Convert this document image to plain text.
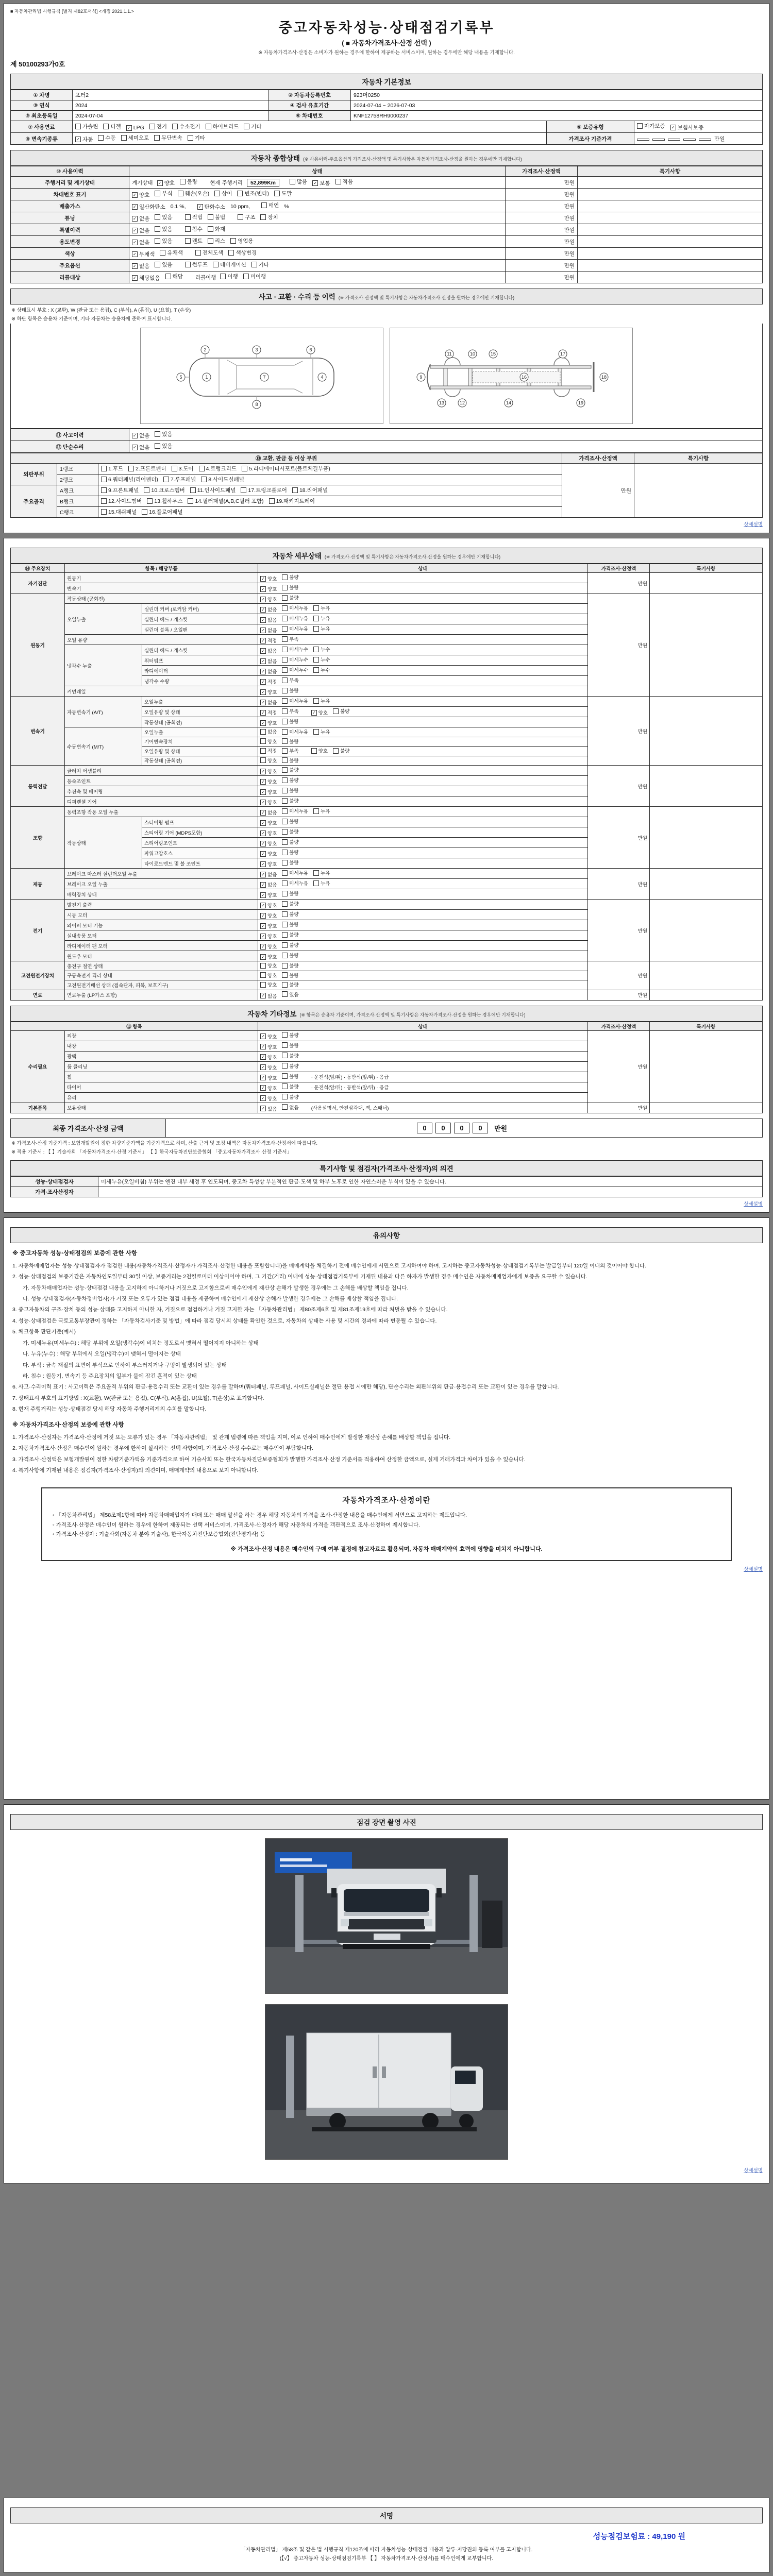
■ 자동차관리법 시행규칙 [별지 제82호서식] <개정 2021.1.1.>
중고자동차성능·상태점검기록부
( ■ 자동차가격조사·산정 선택 )
※ 자동차가격조사·산정은 소비자가 원하는 경우에 한하여 제공하는 서비스이며, 원하는 경우에만 해당 내용을 기재합니다.
제 50100293가0호
자동차 기본정보
① 차명	포터2	② 자동차등록번호	923머0250		
③ 연식	2024	④ 검사 유효기간	2024-07-04 ~ 2026-07-03		
⑤ 최초등록일	2024-07-04	⑥ 차대번호	KNF12758RH9000237		
⑦ 사용연료	가솔린 디젤 ✓ LPG 전기 수소전기 하이브리드 기타	⑨ 보증유형	자가보증 ✓ 보험사보증

⑧ 변속기종류	✓ 자동 수동 세미오토 무단변속 기타	가격조사 기준가격	만원
자동차 종합상태 (※ 사용이력·주요옵션의 가격조사·산정액 및 특기사항은 자동차가격조사·산정을 원하는 경우에만 기재합니다)
⑩ 사용이력	상태	가격조사·산정액	특기사항
주행거리 및 계기상태	계기상태 ✓ 양호 불량 현재 주행거리 52,899Km	많음 ✓ 보통 적음	만원	
차대번호 표기	✓ 양호 부식 훼손(오손) 상이 변조(변타) 도말	만원	
배출가스	✓ 일산화탄소 0.1 %,	✓ 탄화수소 10 ppm,	매연 %	만원	
튜닝	✓ 없음 있음	적법 불법	구조 장치	만원	
특별이력	✓ 없음 있음 침수 화재	만원	
용도변경	✓ 없음 있음	렌트 리스 영업용	만원	
색상	✓ 무채색 유채색 전체도색 색상변경	만원	
주요옵션	✓ 없음 있음	썬루프 네비게이션 기타	만원	
리콜대상	✓ 해당없음 해당 리콜이행 이행 미이행	만원	
사고 · 교환 · 수리 등 이력 (※ 가격조사·산정액 및 특기사항은 자동차가격조사·산정을 원하는 경우에만 기재합니다)
※ 상태표시 부호 : X (교환), W (판금 또는 용접), C (부식), A (흠집), U (요철), T (손상)
※ 하단 항목은 승용차 기준이며, 기타 자동차는 승용차에 준하여 표시합니다.
1
2	3
4
5
6
7
8
9
10
11
12
13	14
15
16
17
18
19
⑪ 사고이력	✓ 없음 있음

⑫ 단순수리	✓ 없음 있음
⑬ 교환, 판금 등 이상 부위			가격조사·산정액	특기사항
외판부위	1랭크	1.후드 2.프론트펜더 3.도어 4.트렁크리드 5.라디에이터서포트(볼트체결부품)	만원	
	2랭크	6.쿼터패널(리어펜더) 7.루프패널 8.사이드실패널		

주요골격	A랭크	9.프론트패널 10.크로스멤버 11.인사이드패널 17.트렁크플로어 18.리어패널		

	B랭크	12.사이드멤버 13.휠하우스 14.필러패널(A,B,C필러 포함) 19.패키지트레이		

	C랭크	15.대쉬패널 16.플로어패널		
상세설명
자동차 세부상태 (※ 가격조사·산정액 및 특기사항은 자동차가격조사·산정을 원하는 경우에만 기재합니다)
⑭ 주요장치	항목 / 해당부품		상태	가격조사·산정액	특기사항
자기진단	원동기		✓ 양호 불량	만원	
	변속기		✓ 양호 불량		

원동기	작동상태 (공회전)		✓ 양호 불량	만원	
	오일누출	실린더 커버 (로커암 커버)	✓ 없음 미세누유 누유		

		실린더 헤드 / 개스킷	✓ 없음 미세누유 누유		

		실린더 블록 / 오일팬	✓ 없음 미세누유 누유		

	오일 유량		✓ 적정 부족		

	냉각수 누출	실린더 헤드 / 개스킷	✓ 없음 미세누수 누수		

		워터펌프	✓ 없음 미세누수 누수		

		라디에이터	✓ 없음 미세누수 누수		

		냉각수 수량	✓ 적정 부족		

	커먼레일		✓ 양호 불량		

변속기	자동변속기 (A/T)	오일누출	✓ 없음 미세누유 누유	만원	
오일유량 및 상태	✓ 적정	부족	✓ 양호	불량

		작동상태 (공회전)	✓ 양호 불량		

	수동변속기 (M/T)	오일누출	없음 미세누유 누유		

		기어변속장치	양호 불량		

		오일유량 및 상태	적정 부족 양호 불량		

		작동상태 (공회전)	양호 불량		

동력전달	클러치 어셈블리		✓ 양호 불량	만원	
	등속조인트		✓ 양호 불량		

	추진축 및 베어링		✓ 양호 불량		

	디퍼렌셜 기어		✓ 양호 불량		

조향	동력조향 작동 오일 누출		✓ 없음 미세누유 누유	만원	
	작동상태	스티어링 펌프	✓ 양호 불량		

		스티어링 기어 (MDPS포함)	✓ 양호 불량		

		스티어링조인트	✓ 양호 불량		

		파워고압호스	✓ 양호 불량		

		타이로드엔드 및 볼 조인트	✓ 양호 불량		

제동	브레이크 마스터 실린더오일 누출		✓ 없음 미세누유 누유	만원	
	브레이크 오일 누출		✓ 없음 미세누유 누유		

	배력장치 상태		✓ 양호 불량		

전기	발전기 출력		✓ 양호 불량	만원	
	시동 모터		✓ 양호 불량		

	와이퍼 모터 기능		✓ 양호 불량		

	실내송풍 모터		✓ 양호 불량		

	라디에이터 팬 모터		✓ 양호 불량		

	윈도우 모터		✓ 양호 불량		

고전원전기장치	충전구 절연 상태		양호 불량	만원	
	구동축전지 격리 상태		양호 불량		

	고전원전기배선 상태 (접속단자, 피복, 보호기구)		양호 불량		

연료	연료누출 (LP가스 포함)		✓ 없음 있음	만원	
자동차 기타정보 (※ 항목은 승용차 기준이며, 가격조사·산정액 및 특기사항은 자동차가격조사·산정을 원하는 경우에만 기재합니다)
⑮ 항목		상태	가격조사·산정액	특기사항
수리필요	외장	✓ 양호 불량	만원	
	내장	✓ 양호 불량		

	광택	✓ 양호 불량		

	룸 클리닝	✓ 양호 불량		

	휠	✓ 양호 불량 · 운전석(앞/뒤) · 동반석(앞/뒤) · 응급		
	타이어	✓ 양호 불량 · 운전석(앞/뒤) · 동반석(앞/뒤) · 응급		
	유리	✓ 양호 불량		

기본품목	보유상태	✓ 있음 없음 (사용설명서, 안전삼각대, 잭, 스패너)	만원	
최종 가격조사·산정 금액	0 0 0 0	만원
※ 가격조사·산정 기준가격 : 보험개발원이 정한 차량기준가액을 기준가격으로 하며, 산출 근거 및 조정 내역은 자동차가격조사·산정서에 따릅니다.
※ 적용 기준서 : 【 】기술사회 「자동차가격조사·산정 기준서」 【 】한국자동차진단보증협회 「중고자동차가격조사·산정 기준서」
특기사항 및 점검자(가격조사·산정자)의 의견
성능·상태점검자	미세누유(오일비침) 부위는 엔진 내부 세정 후 인도되며, 중고차 특성상 부분적인 판금·도색 및 하부 노후로 인한 자연스러운 부식이 있을 수 있습니다.
가격·조사산정자	
상세설명
유의사항
※ 중고자동차 성능·상태점검의 보증에 관한 사항
1. 자동차매매업자는 성능·상태점검자가 점검한 내용(자동차가격조사·산정자가 가격조사·산정한 내용을 포함합니다)을 매매계약을 체결하기 전에 매수인에게 서면으로 고지하여야 하며, 고지하는 중고자동차성능·상태점검기록부는 발급일부터 120일 이내의 것이어야 합니다.
2. 성능·상태점검의 보증기간은 자동차인도일부터 30일 이상, 보증거리는 2천킬로미터 이상이어야 하며, 그 기간(거리) 이내에 성능·상태점검기록부에 기재된 내용과 다른 하자가 발생한 경우 매수인은 자동차매매업자에게 보증을 요구할 수 있습니다.
가. 자동차매매업자는 성능·상태점검 내용을 고지하지 아니하거나 거짓으로 고지함으로써 매수인에게 재산상 손해가 발생한 경우에는 그 손해를 배상할 책임을 집니다.
나. 성능·상태점검자(자동차정비업자)가 거짓 또는 오류가 있는 점검 내용을 제공하여 매수인에게 재산상 손해가 발생한 경우에는 그 손해를 배상할 책임을 집니다.
3. 중고자동차의 구조·장치 등의 성능·상태를 고지하지 아니한 자, 거짓으로 점검하거나 거짓 고지한 자는 「자동차관리법」 제80조제6호 및 제81조제19호에 따라 처벌을 받을 수 있습니다.
4. 성능·상태점검은 국토교통부장관이 정하는 「자동차검사기준 및 방법」에 따라 점검 당시의 상태를 확인한 것으로, 자동차의 상태는 사용 및 시간의 경과에 따라 변동될 수 있습니다.
5. 체크항목 판단기준(예시)
가. 미세누유(미세누수) : 해당 부위에 오일(냉각수)이 비치는 정도로서 맺혀서 떨어지지 아니하는 상태
나. 누유(누수) : 해당 부위에서 오일(냉각수)이 맺혀서 떨어지는 상태
다. 부식 : 금속 재질의 표면이 부식으로 인하여 부스러지거나 구멍이 발생되어 있는 상태
라. 침수 : 원동기, 변속기 등 주요장치의 일부가 물에 잠긴 흔적이 있는 상태
6. 사고·수리이력 표기 : 사고이력은 주요골격 부위의 판금·용접수리 또는 교환이 있는 경우를 말하며(쿼터패널, 루프패널, 사이드실패널은 절단·용접 시에만 해당), 단순수리는 외판부위의 판금·용접수리 또는 교환이 있는 경우를 말합니다.
7. 상태표시 부호의 표기방법 : X(교환), W(판금 또는 용접), C(부식), A(흠집), U(요철), T(손상)로 표기합니다.
8. 현재 주행거리는 성능·상태점검 당시 해당 자동차 주행거리계의 수치를 말합니다.
※ 자동차가격조사·산정의 보증에 관한 사항
1. 가격조사·산정자는 가격조사·산정에 거짓 또는 오류가 있는 경우 「자동차관리법」 및 관계 법령에 따른 책임을 지며, 이로 인하여 매수인에게 발생한 재산상 손해를 배상할 책임을 집니다.
2. 자동차가격조사·산정은 매수인이 원하는 경우에 한하여 실시하는 선택 사항이며, 가격조사·산정 수수료는 매수인이 부담합니다.
3. 가격조사·산정액은 보험개발원이 정한 차량기준가액을 기준가격으로 하여 기술사회 또는 한국자동차진단보증협회가 발행한 가격조사·산정 기준서를 적용하여 산정한 금액으로, 실제 거래가격과 차이가 있을 수 있습니다.
4. 특기사항에 기재된 내용은 점검자(가격조사·산정자)의 의견이며, 매매계약의 내용으로 보지 아니합니다.
자동차가격조사·산정이란
◦ 「자동차관리법」 제58조제1항에 따라 자동차매매업자가 매매 또는 매매 알선을 하는 경우 해당 자동차의 가격을 조사·산정한 내용을 매수인에게 서면으로 고지하는 제도입니다.
◦ 가격조사·산정은 매수인이 원하는 경우에 한하여 제공되는 선택 서비스이며, 가격조사·산정자가 해당 자동차의 가격을 객관적으로 조사·산정하여 제시합니다.
◦ 가격조사·산정자 : 기술사회(자동차 분야 기술사), 한국자동차진단보증협회(진단평가사) 등
※ 가격조사·산정 내용은 매수인의 구매 여부 결정에 참고자료로 활용되며, 자동차 매매계약의 효력에 영향을 미치지 아니합니다.
상세설명
점검 장면 촬영 사진
상세설명
서명
성능점검보험료 : 49,190 원
「자동차관리법」 제58조 및 같은 법 시행규칙 제120조에 따라 자동차성능·상태점검 내용과 압류·저당권의 등록 여부를 고지합니다.
(【√】 중고자동차 성능·상태점검기록부 【 】 자동차가격조사·산정서)를 매수인에게 교부합니다.
